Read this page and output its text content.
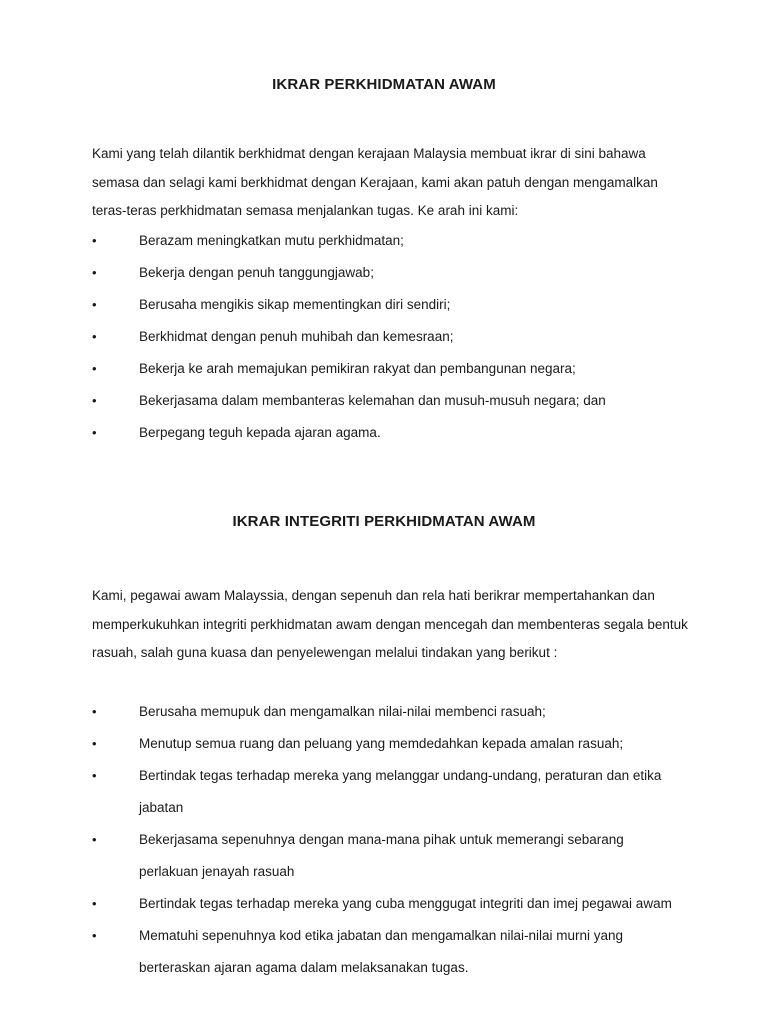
IKRAR PERKHIDMATAN AWAM

Kami yang telah dilantik berkhidmat dengan kerajaan Malaysia membuat ikrar di sini bahawa semasa dan selagi kami berkhidmat dengan Kerajaan, kami akan patuh dengan mengamalkan teras-teras perkhidmatan semasa menjalankan tugas. Ke arah ini kami:

•	Berazam meningkatkan mutu perkhidmatan;
•	Bekerja dengan penuh tanggungjawab;
•	Berusaha mengikis sikap mementingkan diri sendiri;
•	Berkhidmat dengan penuh muhibah dan kemesraan;
•	Bekerja ke arah memajukan pemikiran rakyat dan pembangunan negara;
•	Bekerjasama dalam membanteras kelemahan dan musuh-musuh negara; dan
•	Berpegang teguh kepada ajaran agama.
IKRAR INTEGRITI PERKHIDMATAN AWAM

Kami, pegawai awam Malayssia, dengan sepenuh dan rela hati berikrar mempertahankan dan memperkukuhkan integriti perkhidmatan awam dengan mencegah dan membenteras segala bentuk rasuah, salah guna kuasa dan penyelewengan melalui tindakan yang berikut :

•	Berusaha memupuk dan mengamalkan nilai-nilai membenci rasuah;
•	Menutup semua ruang dan peluang yang memdedahkan kepada amalan rasuah;
•	Bertindak tegas terhadap mereka yang melanggar undang-undang, peraturan dan etika jabatan
•	Bekerjasama sepenuhnya dengan mana-mana pihak untuk memerangi sebarang perlakuan jenayah rasuah
•	Bertindak tegas terhadap mereka yang cuba menggugat integriti dan imej pegawai awam
•	Mematuhi sepenuhnya kod etika jabatan dan mengamalkan nilai-nilai murni yang berteraskan ajaran agama dalam melaksanakan tugas.
